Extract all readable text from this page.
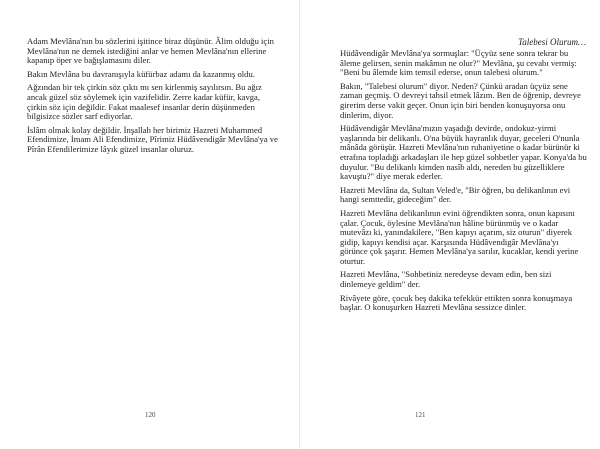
Adam Mevlâna'nın bu sözlerini işitince biraz düşünür. Âlim olduğu için Mevlâna'nın ne demek istediğini anlar ve hemen Mevlâna'nın ellerine kapanıp öper ve bağışlamasını diler.

Bakın Mevlâna bu davranışıyla küfürbaz adamı da kazanmış oldu.

Ağzından bir tek çirkin söz çıktı mı sen kirlenmiş sayılırsın. Bu ağız ancak güzel söz söylemek için vazifelidir. Zerre kadar küfür, kavga, çirkin söz için değildir. Fakat maalesef insanlar derin düşünmeden bilgisizce sözler sarf ediyorlar.

İslâm olmak kolay değildir. İnşallah her birimiz Hazreti Muhammed Efendimize, İmam Ali Efendimize, Pîrimiz Hüdâvendigâr Mevlâna'ya ve Pîrân Efendilerimize lâyık güzel insanlar oluruz.

120
Talebesi Olurum…

Hüdâvendigâr Mevlâna'ya sormuşlar: "Üçyüz sene sonra tekrar bu âleme gelirsen, senin makâmın ne olur?" Mevlâna, şu cevabı vermiş: "Beni bu âlemde kim temsil ederse, onun talebesi olurum."

Bakın, "Talebesi olurum" diyor. Neden? Çünkü aradan üçyüz sene zaman geçmiş. O devreyi tahsil etmek lâzım. Ben de öğrenip, devreye girerim derse vakit geçer. Onun için biri benden konuşuyorsa onu dinlerim, diyor.

Hüdâvendigâr Mevlâna'mızın yaşadığı devirde, ondokuz-yirmi yaşlarında bir delikanlı. O'na büyük hayranlık duyar, geceleri O'nunla mânâda görüşür. Hazreti Mevlâna'nın ruhaniyetine o kadar bürünür ki etrafına topladığı arkadaşları ile hep güzel sohbetler yapar. Konya'da bu duyulur. "Bu delikanlı kimden nasîb aldı, nereden bu güzelliklere kavuştu?" diye merak ederler.

Hazreti Mevlâna da, Sultan Veled'e, "Bir öğren, bu delikanlının evi hangi semttedir, gideceğim" der.

Hazreti Mevlâna delikanlının evini öğrendikten sonra, onun kapısını çalar. Çocuk, öylesine Mevlâna'nın hâline bürünmüş ve o kadar mutevâzı ki, yanındakilere, "Ben kapıyı açarım, siz oturun" diyerek gidip, kapıyı kendisi açar. Karşısında Hüdâvendigâr Mevlâna'yı görünce çok şaşırır. Hemen Mevlâna'ya sarılır, kucaklar, kendi yerine oturtur.

Hazreti Mevlâna, "Sohbetiniz neredeyse devam edin, ben sizi dinlemeye geldim" der.

Rivâyete göre, çocuk beş dakika tefekkür ettikten sonra konuşmaya başlar. O konuşurken Hazreti Mevlâna sessizce dinler.

121
